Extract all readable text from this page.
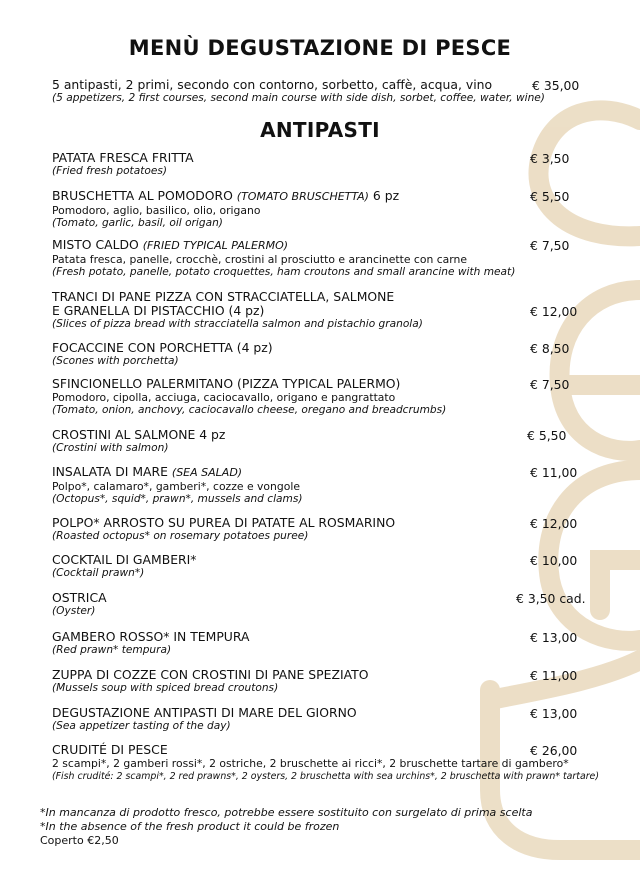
MENÙ DEGUSTAZIONE DI PESCE
5 antipasti, 2 primi, secondo con contorno, sorbetto, caffè, acqua, vino
(5 appetizers, 2 first courses, second main course with side dish, sorbet, coffee, water, wine)
€ 35,00
ANTIPASTI
PATATA FRESCA FRITTA
(Fried fresh potatoes)
€ 3,50
BRUSCHETTA AL POMODORO (TOMATO BRUSCHETTA) 6 pz
Pomodoro, aglio, basilico, olio, origano
(Tomato, garlic, basil, oil origan)
€ 5,50
MISTO CALDO (FRIED TYPICAL PALERMO)
Patata fresca, panelle, crocchè, crostini al prosciutto e arancinette con carne
(Fresh potato, panelle, potato croquettes, ham croutons and small arancine with meat)
€ 7,50
TRANCI DI PANE PIZZA CON STRACCIATELLA, SALMONE
E GRANELLA DI PISTACCHIO (4 pz)
(Slices of pizza bread with stracciatella salmon and pistachio granola)
€ 12,00
FOCACCINE CON PORCHETTA (4 pz)
(Scones with porchetta)
€ 8,50
SFINCIONELLO PALERMITANO (PIZZA TYPICAL PALERMO)
Pomodoro, cipolla, acciuga, caciocavallo, origano e pangrattato
(Tomato, onion, anchovy, caciocavallo cheese, oregano and breadcrumbs)
€ 7,50
CROSTINI AL SALMONE 4 pz
(Crostini with salmon)
€ 5,50
INSALATA DI MARE (SEA SALAD)
Polpo*, calamaro*, gamberi*, cozze e vongole
(Octopus*, squid*, prawn*, mussels and clams)
€ 11,00
POLPO* ARROSTO SU PUREA DI PATATE AL ROSMARINO
(Roasted octopus* on rosemary potatoes puree)
€ 12,00
COCKTAIL DI GAMBERI*
(Cocktail prawn*)
€ 10,00
OSTRICA
(Oyster)
€ 3,50 cad.
GAMBERO ROSSO* IN TEMPURA
(Red prawn* tempura)
€ 13,00
ZUPPA DI COZZE CON CROSTINI DI PANE SPEZIATO
(Mussels soup with spiced bread croutons)
€ 11,00
DEGUSTAZIONE ANTIPASTI DI MARE DEL GIORNO
(Sea appetizer tasting of the day)
€ 13,00
CRUDITÉ DI PESCE
2 scampi*, 2 gamberi rossi*, 2 ostriche, 2 bruschette ai ricci*, 2 bruschette tartare di gambero*
(Fish crudité: 2 scampi*, 2 red prawns*, 2 oysters, 2 bruschetta with sea urchins*, 2 bruschetta with prawn* tartare)
€ 26,00
*In mancanza di prodotto fresco, potrebbe essere sostituito con surgelato di prima scelta
*In the absence of the fresh product it could be frozen
Coperto €2,50
